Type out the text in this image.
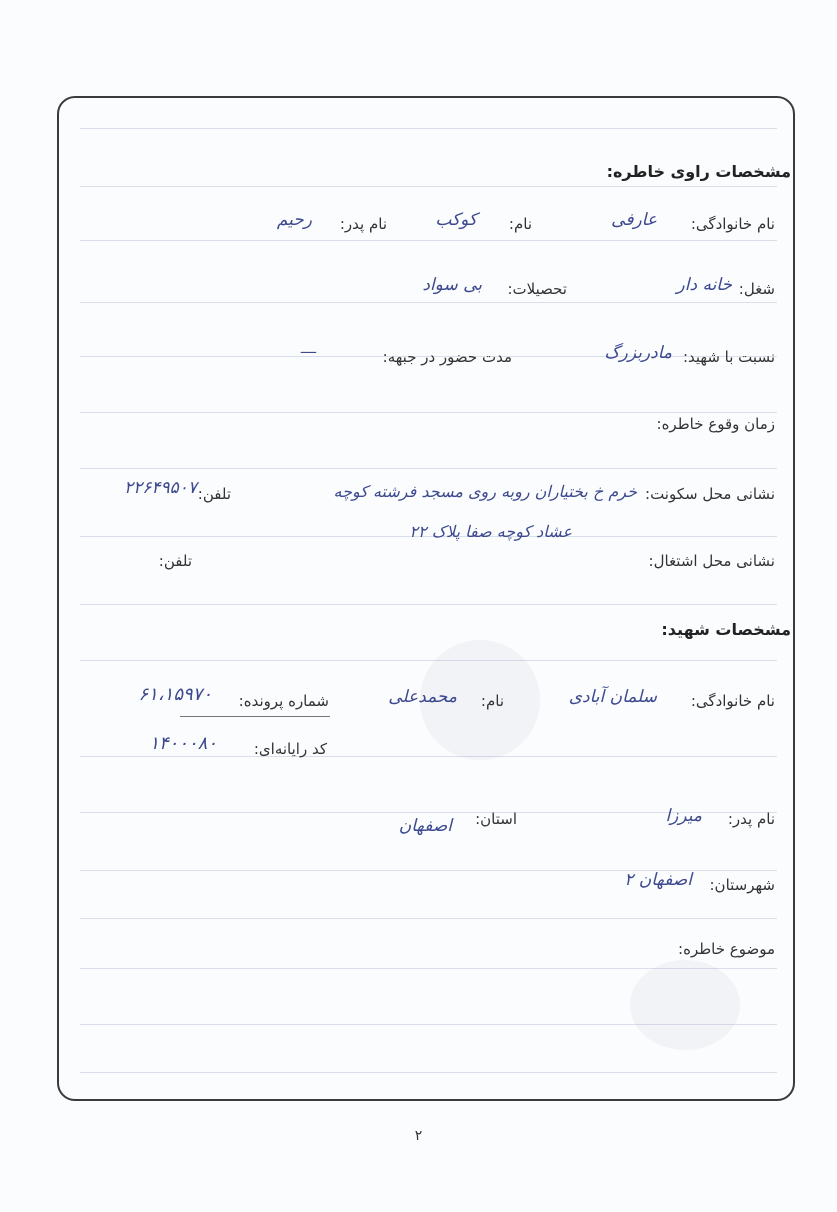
مشخصات راوی خاطره:
نام خانوادگی:
عارفی
نام:
کوکب
نام پدر:
رحیم
شغل:
خانه دار
تحصیلات:
بی سواد
نسبت با شهید:
مادربزرگ
مدت حضور در جبهه:
—
زمان وقوع خاطره:
نشانی محل سکونت:
خرم خ بختیاران روبه روی مسجد فرشته کوچه
عشاد کوچه صفا پلاک ۲۲
تلفن:
۲۲۶۴۹۵۰۷
نشانی محل اشتغال:
تلفن:
مشخصات شهید:
نام خانوادگی:
سلمان آبادی
نام:
محمدعلی
شماره پرونده:
۶۱،۱۵۹۷۰
کد رایانه‌ای:
۱۴۰۰۰۸۰
نام پدر:
میرزا
استان:
اصفهان
شهرستان:
اصفهان ۲
موضوع خاطره:
۲
